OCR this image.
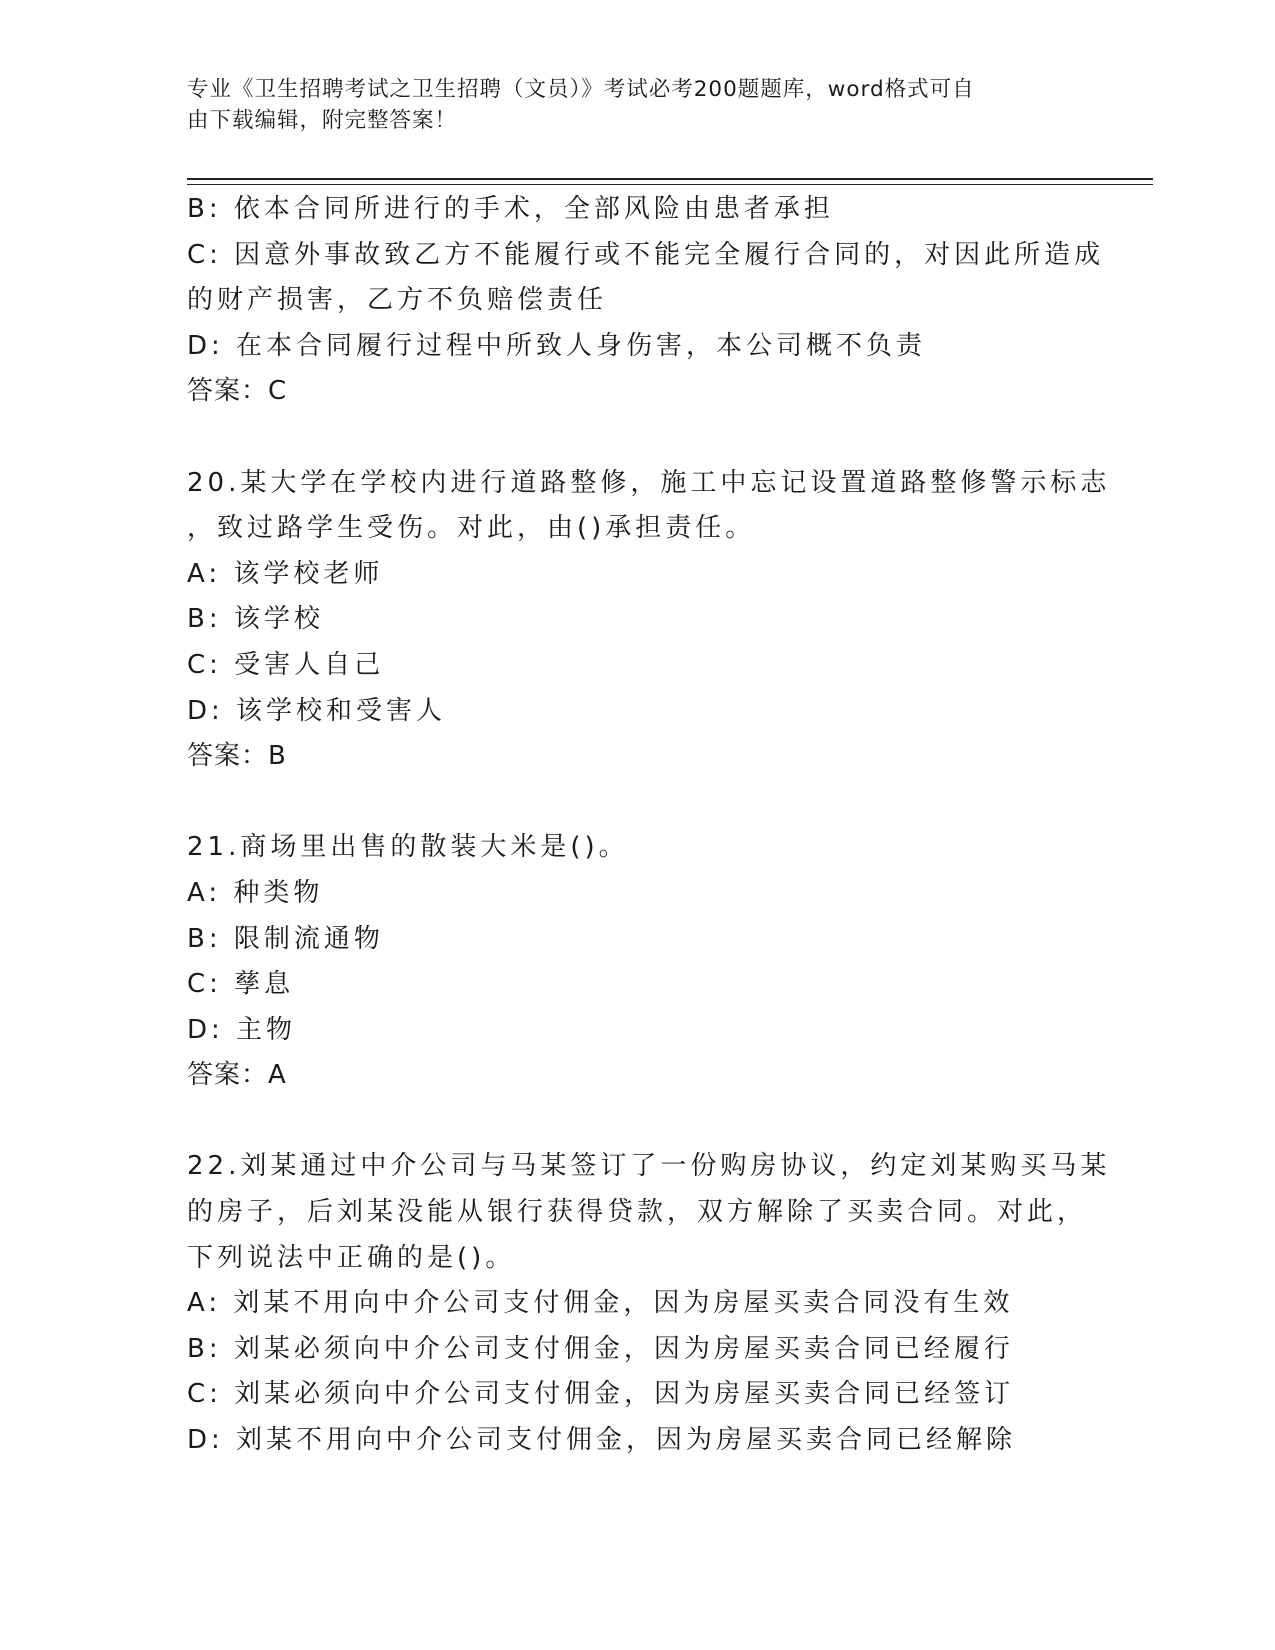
专业《卫生招聘考试之卫生招聘（文员）》考试必考200题题库，word格式可自
由下载编辑，附完整答案！
B: 依本合同所进行的手术，全部风险由患者承担
C: 因意外事故致乙方不能履行或不能完全履行合同的，对因此所造成
的财产损害，乙方不负赔偿责任
D: 在本合同履行过程中所致人身伤害，本公司概不负责
答案：C
20.某大学在学校内进行道路整修，施工中忘记设置道路整修警示标志
，致过路学生受伤。对此，由()承担责任。
A: 该学校老师
B: 该学校
C: 受害人自己
D: 该学校和受害人
答案：B
21.商场里出售的散装大米是()。
A: 种类物
B: 限制流通物
C: 孳息
D: 主物
答案：A
22.刘某通过中介公司与马某签订了一份购房协议，约定刘某购买马某
的房子，后刘某没能从银行获得贷款，双方解除了买卖合同。对此，
下列说法中正确的是()。
A: 刘某不用向中介公司支付佣金，因为房屋买卖合同没有生效
B: 刘某必须向中介公司支付佣金，因为房屋买卖合同已经履行
C: 刘某必须向中介公司支付佣金，因为房屋买卖合同已经签订
D: 刘某不用向中介公司支付佣金，因为房屋买卖合同已经解除
